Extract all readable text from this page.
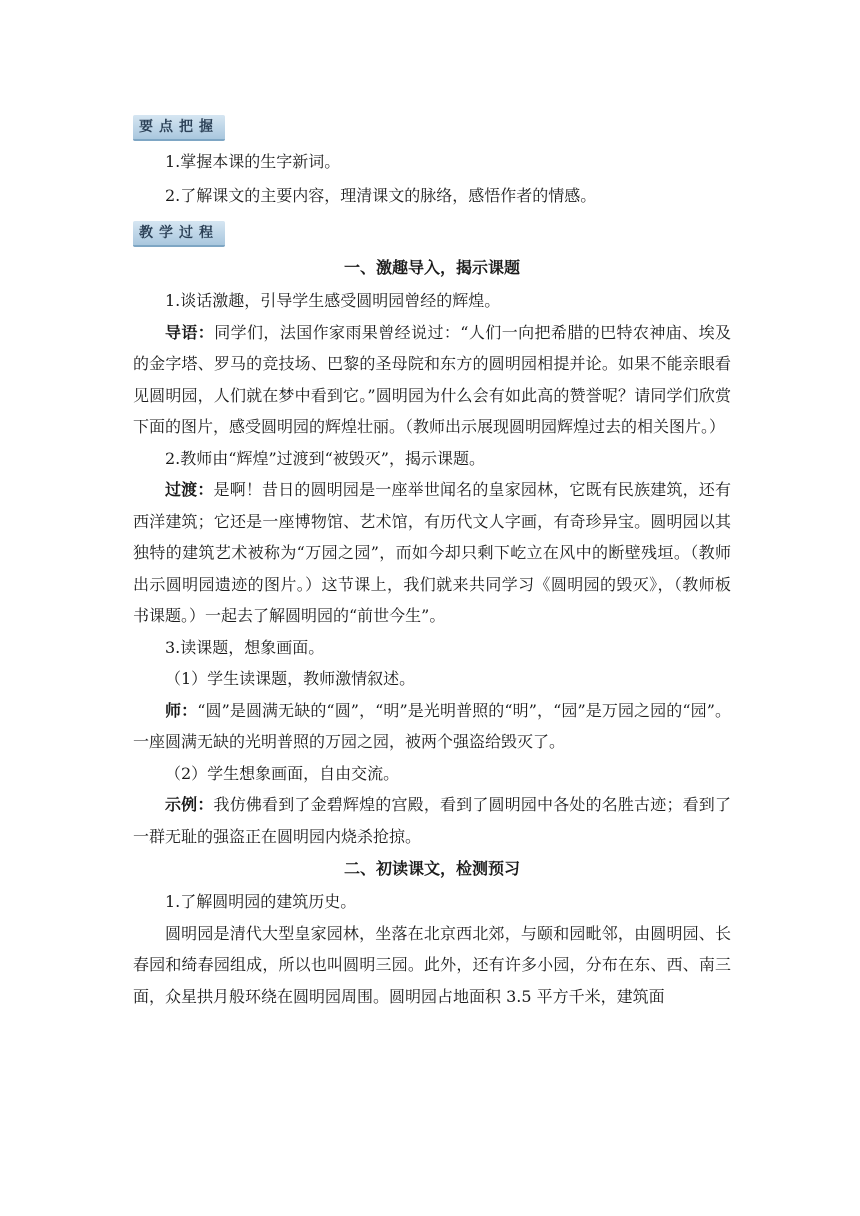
要点把握

1.掌握本课的生字新词。

2.了解课文的主要内容，理清课文的脉络，感悟作者的情感。

教学过程

一、激趣导入，揭示课题

1.谈话激趣，引导学生感受圆明园曾经的辉煌。

导语：同学们，法国作家雨果曾经说过：“人们一向把希腊的巴特农神庙、埃及的金字塔、罗马的竞技场、巴黎的圣母院和东方的圆明园相提并论。如果不能亲眼看见圆明园，人们就在梦中看到它。”圆明园为什么会有如此高的赞誉呢？请同学们欣赏下面的图片，感受圆明园的辉煌壮丽。（教师出示展现圆明园辉煌过去的相关图片。）

2.教师由“辉煌”过渡到“被毁灭”，揭示课题。

过渡：是啊！昔日的圆明园是一座举世闻名的皇家园林，它既有民族建筑，还有西洋建筑；它还是一座博物馆、艺术馆，有历代文人字画，有奇珍异宝。圆明园以其独特的建筑艺术被称为“万园之园”，而如今却只剩下屹立在风中的断壁残垣。（教师出示圆明园遗迹的图片。）这节课上，我们就来共同学习《圆明园的毁灭》，（教师板书课题。）一起去了解圆明园的“前世今生”。

3.读课题，想象画面。

（1）学生读课题，教师激情叙述。

师：“圆”是圆满无缺的“圆”，“明”是光明普照的“明”，“园”是万园之园的“园”。一座圆满无缺的光明普照的万园之园，被两个强盗给毁灭了。

（2）学生想象画面，自由交流。

示例：我仿佛看到了金碧辉煌的宫殿，看到了圆明园中各处的名胜古迹；看到了一群无耻的强盗正在圆明园内烧杀抢掠。

二、初读课文，检测预习

1.了解圆明园的建筑历史。

圆明园是清代大型皇家园林，坐落在北京西北郊，与颐和园毗邻，由圆明园、长春园和绮春园组成，所以也叫圆明三园。此外，还有许多小园，分布在东、西、南三面，众星拱月般环绕在圆明园周围。圆明园占地面积 3.5 平方千米，建筑面
